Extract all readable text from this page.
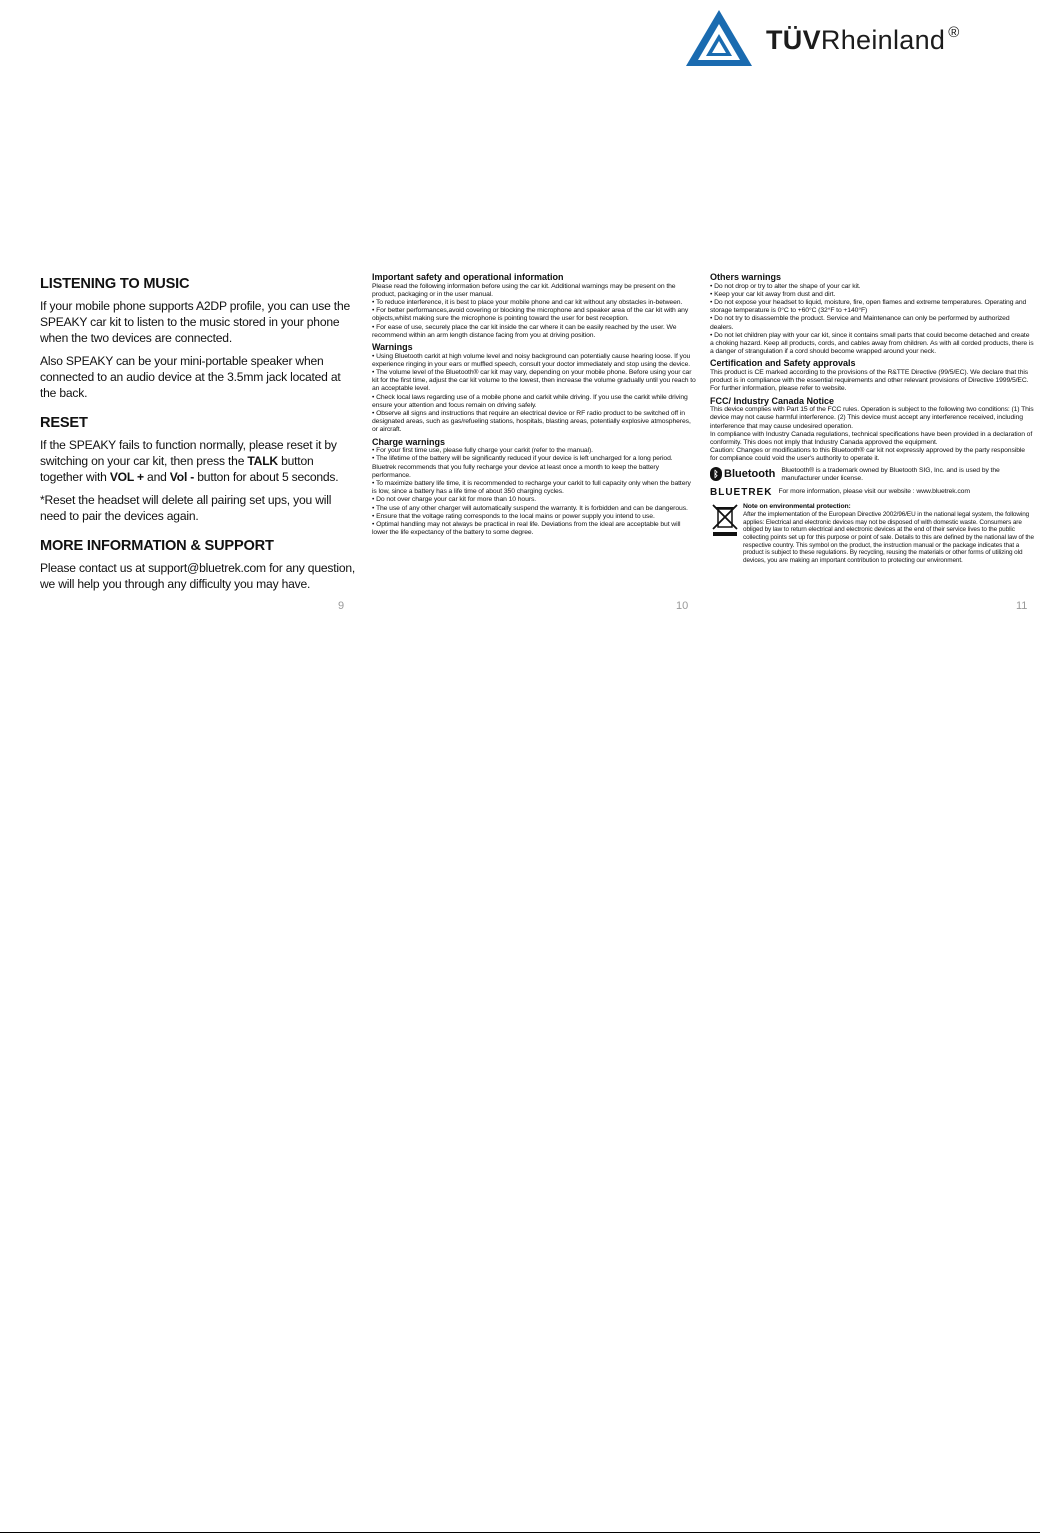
TÜVRheinland ®
LISTENING TO MUSIC

If your mobile phone supports A2DP profile, you can use the SPEAKY car kit to listen to the music stored in your phone when the two devices are connected.

Also SPEAKY can be your mini-portable speaker when connected to an audio device at the 3.5mm jack located at the back.

RESET

If the SPEAKY fails to function normally, please reset it by switching on your car kit, then press the TALK button together with VOL + and Vol - button for about 5 seconds.

*Reset the headset will delete all pairing set ups, you will need to pair the devices again.

MORE INFORMATION & SUPPORT

Please contact us at support@bluetrek.com for any question, we will help you through any difficulty you may have.

9
Important safety and operational information

Please read the following information before using the car kit. Additional warnings may be present on the product, packaging or in the user manual.

• To reduce interference, it is best to place your mobile phone and car kit without any obstacles in-between.

• For better performances,avoid covering or blocking the microphone and speaker area of the car kit with any objects,whilst making sure the microphone is pointing toward the user for best reception.

• For ease of use, securely place the car kit inside the car where it can be easily reached by the user. We recommend within an arm length distance facing from you at driving position.

Warnings

• Using Bluetooth carkit at high volume level and noisy background can potentially cause hearing loose. If you experience ringing in your ears or muffled speech, consult your doctor immediately and stop using the device.

• The volume level of the Bluetooth® car kit may vary, depending on your mobile phone. Before using your car kit for the first time, adjust the car kit volume to the lowest, then increase the volume gradually until you reach to an acceptable level.

• Check local laws regarding use of a mobile phone and carkit while driving. If you use the carkit while driving ensure your attention and focus remain on driving safely.

• Observe all signs and instructions that require an electrical device or RF radio product to be switched off in designated areas, such as gas/refueling stations, hospitals, blasting areas, potentially explosive atmospheres, or aircraft.

Charge warnings

• For your first time use, please fully charge your carkit (refer to the manual).

• The lifetime of the battery will be significantly reduced if your device is left uncharged for a long period. Bluetrek recommends that you fully recharge your device at least once a month to keep the battery performance.

• To maximize battery life time, it is recommended to recharge your carkit to full capacity only when the battery is low, since a battery has a life time of about 350 charging cycles.

• Do not over charge your car kit for more than 10 hours.

• The use of any other charger will automatically suspend the warranty. It is forbidden and can be dangerous.

• Ensure that the voltage rating corresponds to the local mains or power supply you intend to use.

• Optimal handling may not always be practical in real life. Deviations from the ideal are acceptable but will lower the life expectancy of the battery to some degree.

10
Others warnings

• Do not drop or try to alter the shape of your car kit.

• Keep your car kit away from dust and dirt.

• Do not expose your headset to liquid, moisture, fire, open flames and extreme temperatures. Operating and storage temperature is 0°C to +60°C (32°F to +140°F)

• Do not try to disassemble the product. Service and Maintenance can only be performed by authorized dealers.

• Do not let children play with your car kit, since it contains small parts that could become detached and create a choking hazard. Keep all products, cords, and cables away from children. As with all corded products, there is a danger of strangulation if a cord should become wrapped around your neck.

Certification and Safety approvals

This product is CE marked according to the provisions of the R&TTE Directive (99/5/EC). We declare that this product is in compliance with the essential requirements and other relevant provisions of Directive 1999/5/EC. For further information, please refer to website.

FCC/ Industry Canada Notice

This device complies with Part 15 of the FCC rules. Operation is subject to the following two conditions: (1) This device may not cause harmful interference. (2) This device must accept any interference received, including interference that may cause undesired operation.

In compliance with Industry Canada regulations, technical specifications have been provided in a declaration of conformity. This does not imply that Industry Canada approved the equipment.

Caution: Changes or modifications to this Bluetooth® car kit not expressly approved by the party responsible for compliance could void the user's authority to operate it.

ᛒ Bluetooth Bluetooth® is a trademark owned by Bluetooth SIG, Inc. and is used by the manufacturer under license.

BLUETREK For more information, please visit our website : www.bluetrek.com
Note on environmental protection:

After the implementation of the European Directive 2002/96/EU in the national legal system, the following applies: Electrical and electronic devices may not be disposed of with domestic waste. Consumers are obliged by law to return electrical and electronic devices at the end of their service lives to the public collecting points set up for this purpose or point of sale. Details to this are defined by the national law of the respective country. This symbol on the product, the instruction manual or the package indicates that a product is subject to these regulations. By recycling, reusing the materials or other forms of utilizing old devices, you are making an important contribution to protecting our environment.

11
